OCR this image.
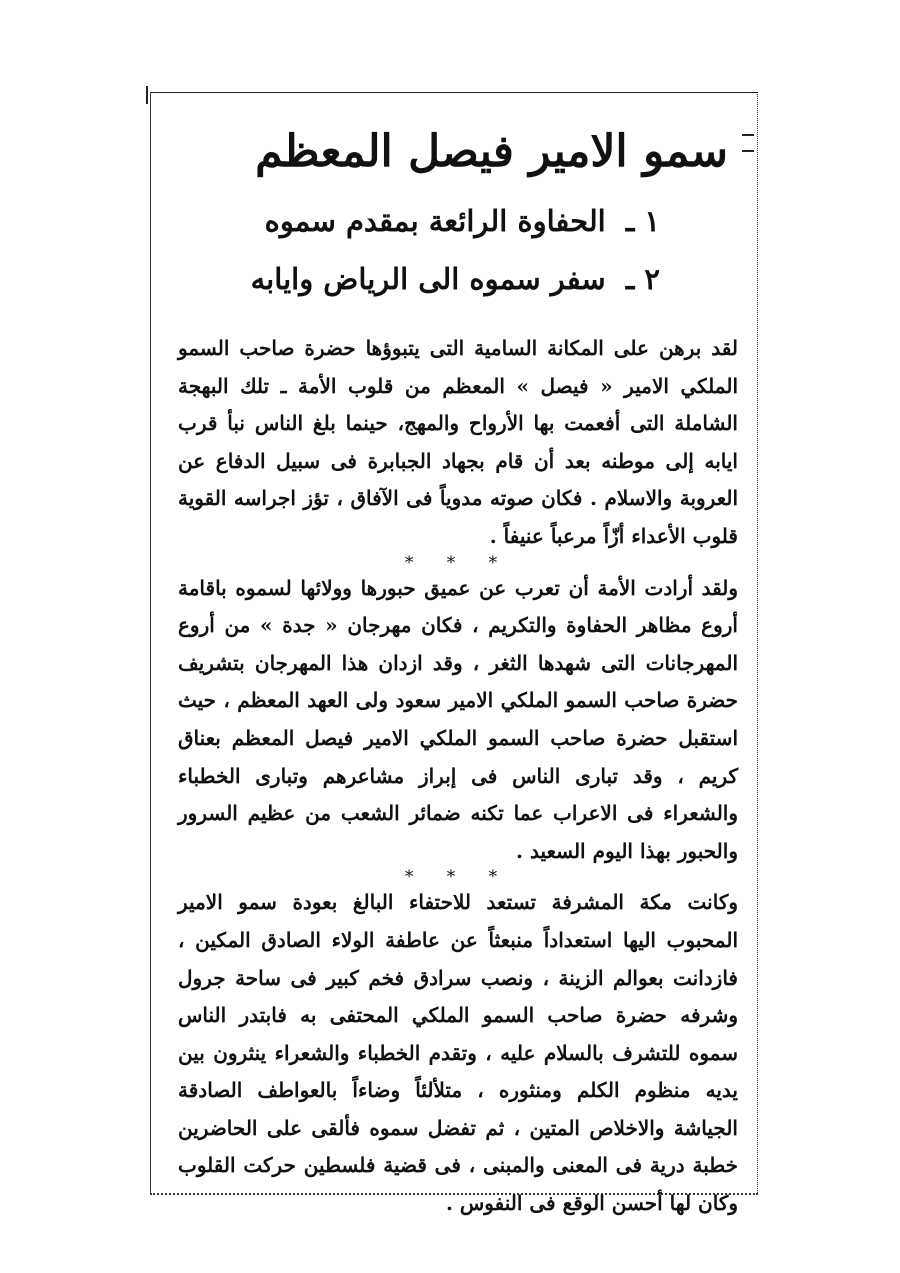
سمو الامير فيصل المعظم
١ ـ الحفاوة الرائعة بمقدم سموه
٢ ـ سفر سموه الى الرياض وايابه

لقد برهن على المكانة السامية التى يتبوؤها حضرة صاحب السمو الملكي الامير « فيصل » المعظم من قلوب الأمة ـ تلك البهجة الشاملة التى أفعمت بها الأرواح والمهج، حينما بلغ الناس نبأ قرب ايابه إلى موطنه بعد أن قام بجهاد الجبابرة فى سبيل الدفاع عن العروبة والاسلام . فكان صوته مدوياً فى الآفاق ، تؤز اجراسه القوية قلوب الأعداء أزّاً مرعباً عنيفاً .

* * *

ولقد أرادت الأمة أن تعرب عن عميق حبورها وولائها لسموه باقامة أروع مظاهر الحفاوة والتكريم ، فكان مهرجان « جدة » من أروع المهرجانات التى شهدها الثغر ، وقد ازدان هذا المهرجان بتشريف حضرة صاحب السمو الملكي الامير سعود ولى العهد المعظم ، حيث استقبل حضرة صاحب السمو الملكي الامير فيصل المعظم بعناق كريم ، وقد تبارى الناس فى إبراز مشاعرهم وتبارى الخطباء والشعراء فى الاعراب عما تكنه ضمائر الشعب من عظيم السرور والحبور بهذا اليوم السعيد .

* * *

وكانت مكة المشرفة تستعد للاحتفاء البالغ بعودة سمو الامير المحبوب اليها استعداداً منبعثاً عن عاطفة الولاء الصادق المكين ، فازدانت بعوالم الزينة ، ونصب سرادق فخم كبير فى ساحة جرول وشرفه حضرة صاحب السمو الملكي المحتفى به فابتدر الناس سموه للتشرف بالسلام عليه ، وتقدم الخطباء والشعراء ينثرون بين يديه منظوم الكلم ومنثوره ، متلألئاً وضاءاً بالعواطف الصادقة الجياشة والاخلاص المتين ، ثم تفضل سموه فألقى على الحاضرين خطبة درية فى المعنى والمبنى ، فى قضية فلسطين حركت القلوب وكان لها أحسن الوقع فى النفوس .
